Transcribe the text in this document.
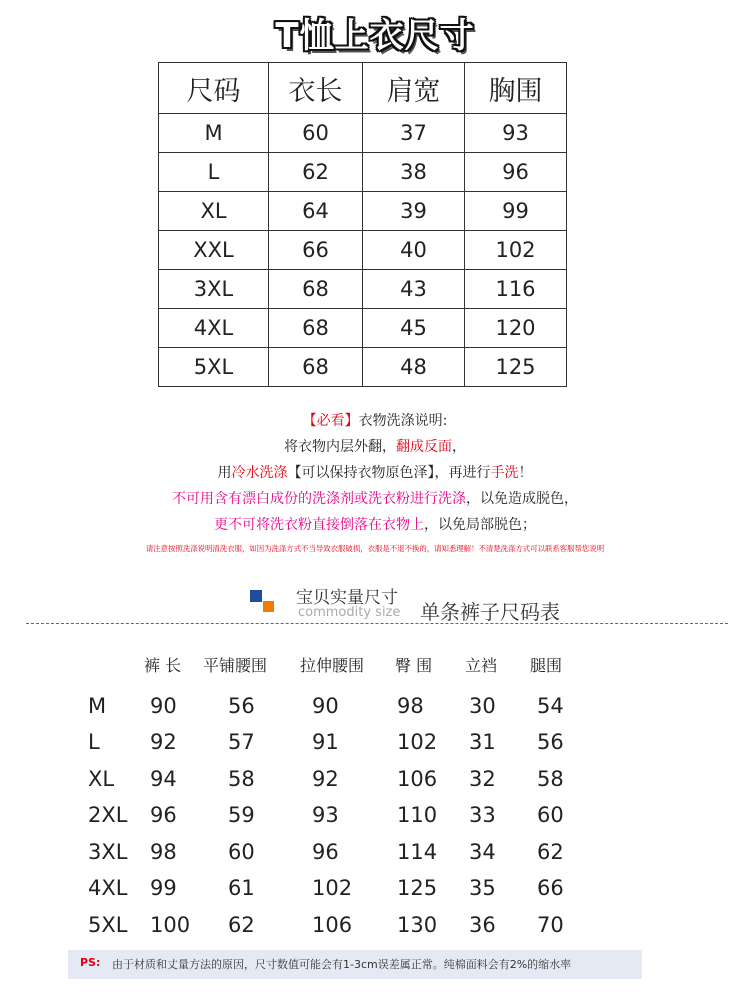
T恤上衣尺寸
尺码	衣长	肩宽	胸围
M	60	37	93
L	62	38	96
XL	64	39	99
XXL	66	40	102
3XL	68	43	116
4XL	68	45	120
5XL	68	48	125
【必看】衣物洗涤说明:
将衣物内层外翻，翻成反面，
用冷水洗涤【可以保持衣物原色泽】，再进行手洗！
不可用含有漂白成份的洗涤剂或洗衣粉进行洗涤，以免造成脱色，
更不可将洗衣粉直接倒落在衣物上，以免局部脱色；
请注意按照洗涤说明清洗衣服，如因为洗涤方式不当导致衣服破损，衣服是不退不换的，请知悉理解！不清楚洗涤方式可以联系客服帮您说明
宝贝实量尺寸
commodity size 单条裤子尺码表
裤 长 平铺腰围 拉伸腰围 臀 围 立裆 腿围
M 90 56	90	98 30 54
L 92 57	91	102 31 56
XL 94 58	92	106 32 58
2XL 96 59	93	110 33 60
3XL 98 60	96	114 34 62
4XL 99 61	102 125 35 66
5XL 100 62	106 130 36 70
PS: 由于材质和丈量方法的原因，尺寸数值可能会有1-3cm误差属正常。纯棉面料会有2%的缩水率
